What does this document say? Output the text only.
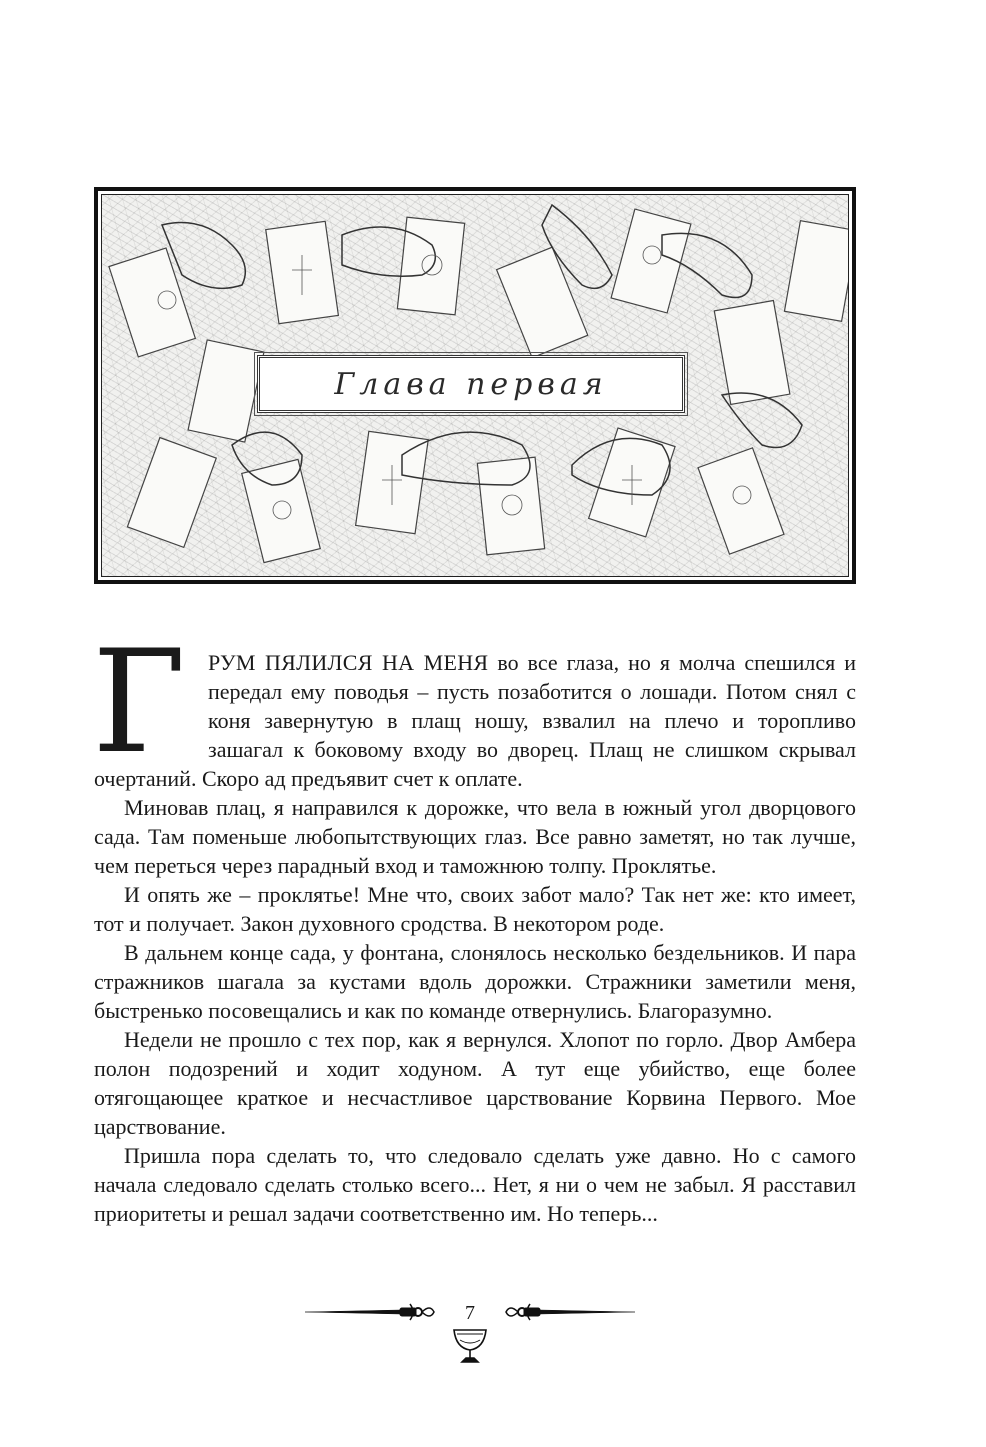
Глава первая
Г РУМ ПЯЛИЛСЯ НА МЕНЯ во все глаза, но я молча спешился и передал ему поводья – пусть позаботится о лошади. Потом снял с коня завернутую в плащ ношу, взвалил на плечо и торопливо зашагал к боковому входу во дворец. Плащ не слишком скрывал очертаний. Скоро ад предъявит счет к оплате.

Миновав плац, я направился к дорожке, что вела в южный угол дворцового сада. Там поменьше любопытствующих глаз. Все равно заметят, но так лучше, чем переться через парадный вход и таможнюю толпу. Проклятье.

И опять же – проклятье! Мне что, своих забот мало? Так нет же: кто имеет, тот и получает. Закон духовного сродства. В некотором роде.

В дальнем конце сада, у фонтана, слонялось несколько бездельников. И пара стражников шагала за кустами вдоль дорожки. Стражники заметили меня, быстренько посовещались и как по команде отвернулись. Благоразумно.

Недели не прошло с тех пор, как я вернулся. Хлопот по горло. Двор Амбера полон подозрений и ходит ходуном. А тут еще убийство, еще более отягощающее краткое и несчастливое царствование Корвина Первого. Мое царствование.

Пришла пора сделать то, что следовало сделать уже давно. Но с самого начала следовало сделать столько всего... Нет, я ни о чем не забыл. Я расставил приоритеты и решал задачи соответственно им. Но теперь...

7
